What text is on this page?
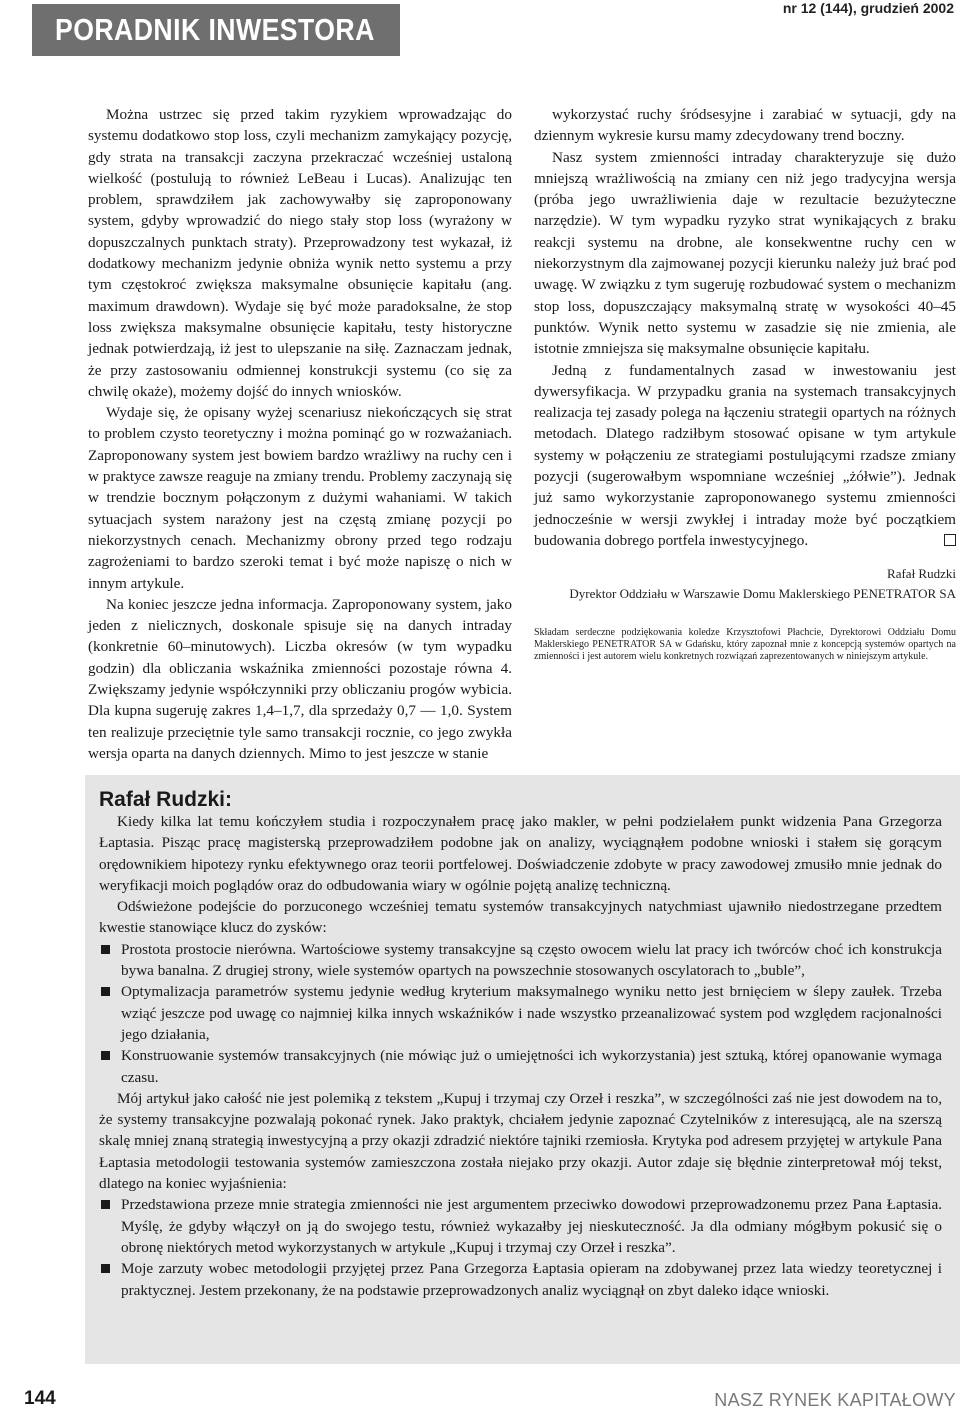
PORADNIK INWESTORA
nr 12 (144), grudzień 2002

Można ustrzec się przed takim ryzykiem wprowadzając do systemu dodatkowo stop loss, czyli mechanizm zamykający pozycję, gdy strata na transakcji zaczyna przekraczać wcześniej ustaloną wielkość (postulują to również LeBeau i Lucas). Analizując ten problem, sprawdziłem jak zachowywałby się zaproponowany system, gdyby wprowadzić do niego stały stop loss (wyrażony w dopuszczalnych punktach straty). Przeprowadzony test wykazał, iż dodatkowy mechanizm jedynie obniża wynik netto systemu a przy tym częstokroć zwiększa maksymalne obsunięcie kapitału (ang. maximum drawdown). Wydaje się być może paradoksalne, że stop loss zwiększa maksymalne obsunięcie kapitału, testy historyczne jednak potwierdzają, iż jest to ulepszanie na siłę. Zaznaczam jednak, że przy zastosowaniu odmiennej konstrukcji systemu (co się za chwilę okaże), możemy dojść do innych wniosków.

Wydaje się, że opisany wyżej scenariusz niekończących się strat to problem czysto teoretyczny i można pominąć go w rozważaniach. Zaproponowany system jest bowiem bardzo wrażliwy na ruchy cen i w praktyce zawsze reaguje na zmiany trendu. Problemy zaczynają się w trendzie bocznym połączonym z dużymi wahaniami. W takich sytuacjach system narażony jest na częstą zmianę pozycji po niekorzystnych cenach. Mechanizmy obrony przed tego rodzaju zagrożeniami to bardzo szeroki temat i być może napiszę o nich w innym artykule.

Na koniec jeszcze jedna informacja. Zaproponowany system, jako jeden z nielicznych, doskonale spisuje się na danych intraday (konkretnie 60–minutowych). Liczba okresów (w tym wypadku godzin) dla obliczania wskaźnika zmienności pozostaje równa 4. Zwiększamy jedynie współczynniki przy obliczaniu progów wybicia. Dla kupna sugeruję zakres 1,4–1,7, dla sprzedaży 0,7 — 1,0. System ten realizuje przeciętnie tyle samo transakcji rocznie, co jego zwykła wersja oparta na danych dziennych. Mimo to jest jeszcze w stanie

wykorzystać ruchy śródsesyjne i zarabiać w sytuacji, gdy na dziennym wykresie kursu mamy zdecydowany trend boczny.

Nasz system zmienności intraday charakteryzuje się dużo mniejszą wrażliwością na zmiany cen niż jego tradycyjna wersja (próba jego uwrażliwienia daje w rezultacie bezużyteczne narzędzie). W tym wypadku ryzyko strat wynikających z braku reakcji systemu na drobne, ale konsekwentne ruchy cen w niekorzystnym dla zajmowanej pozycji kierunku należy już brać pod uwagę. W związku z tym sugeruję rozbudować system o mechanizm stop loss, dopuszczający maksymalną stratę w wysokości 40–45 punktów. Wynik netto systemu w zasadzie się nie zmienia, ale istotnie zmniejsza się maksymalne obsunięcie kapitału.

Jedną z fundamentalnych zasad w inwestowaniu jest dywersyfikacja. W przypadku grania na systemach transakcyjnych realizacja tej zasady polega na łączeniu strategii opartych na różnych metodach. Dlatego radziłbym stosować opisane w tym artykule systemy w połączeniu ze strategiami postulującymi rzadsze zmiany pozycji (sugerowałbym wspomniane wcześniej „żółwie”). Jednak już samo wykorzystanie zaproponowanego systemu zmienności jednocześnie w wersji zwykłej i intraday może być początkiem budowania dobrego portfela inwestycyjnego.

Rafał Rudzki
Dyrektor Oddziału w Warszawie Domu Maklerskiego PENETRATOR SA
Składam serdeczne podziękowania koledze Krzysztofowi Płachcie, Dyrektorowi Oddziału Domu Maklerskiego PENETRATOR SA w Gdańsku, który zapoznał mnie z koncepcją systemów opartych na zmienności i jest autorem wielu konkretnych rozwiązań zaprezentowanych w niniejszym artykule.
Rafał Rudzki:

Kiedy kilka lat temu kończyłem studia i rozpoczynałem pracę jako makler, w pełni podzielałem punkt widzenia Pana Grzegorza Łaptasia. Pisząc pracę magisterską przeprowadziłem podobne jak on analizy, wyciągnąłem podobne wnioski i stałem się gorącym orędownikiem hipotezy rynku efektywnego oraz teorii portfelowej. Doświadczenie zdobyte w pracy zawodowej zmusiło mnie jednak do weryfikacji moich poglądów oraz do odbudowania wiary w ogólnie pojętą analizę techniczną.

Odświeżone podejście do porzuconego wcześniej tematu systemów transakcyjnych natychmiast ujawniło niedostrzegane przedtem kwestie stanowiące klucz do zysków:

Prostota prostocie nierówna. Wartościowe systemy transakcyjne są często owocem wielu lat pracy ich twórców choć ich konstrukcja bywa banalna. Z drugiej strony, wiele systemów opartych na powszechnie stosowanych oscylatorach to „buble”,
Optymalizacja parametrów systemu jedynie według kryterium maksymalnego wyniku netto jest brnięciem w ślepy zaułek. Trzeba wziąć jeszcze pod uwagę co najmniej kilka innych wskaźników i nade wszystko przeanalizować system pod względem racjonalności jego działania,
Konstruowanie systemów transakcyjnych (nie mówiąc już o umiejętności ich wykorzystania) jest sztuką, której opanowanie wymaga czasu.

Mój artykuł jako całość nie jest polemiką z tekstem „Kupuj i trzymaj czy Orzeł i reszka”, w szczególności zaś nie jest dowodem na to, że systemy transakcyjne pozwalają pokonać rynek. Jako praktyk, chciałem jedynie zapoznać Czytelników z interesującą, ale na szerszą skalę mniej znaną strategią inwestycyjną a przy okazji zdradzić niektóre tajniki rzemiosła. Krytyka pod adresem przyjętej w artykule Pana Łaptasia metodologii testowania systemów zamieszczona została niejako przy okazji. Autor zdaje się błędnie zinterpretował mój tekst, dlatego na koniec wyjaśnienia:

Przedstawiona przeze mnie strategia zmienności nie jest argumentem przeciwko dowodowi przeprowadzonemu przez Pana Łaptasia. Myślę, że gdyby włączył on ją do swojego testu, również wykazałby jej nieskuteczność. Ja dla odmiany mógłbym pokusić się o obronę niektórych metod wykorzystanych w artykule „Kupuj i trzymaj czy Orzeł i reszka”.
Moje zarzuty wobec metodologii przyjętej przez Pana Grzegorza Łaptasia opieram na zdobywanej przez lata wiedzy teoretycznej i praktycznej. Jestem przekonany, że na podstawie przeprowadzonych analiz wyciągnął on zbyt daleko idące wnioski.
144	NASZ RYNEK KAPITAŁOWY
